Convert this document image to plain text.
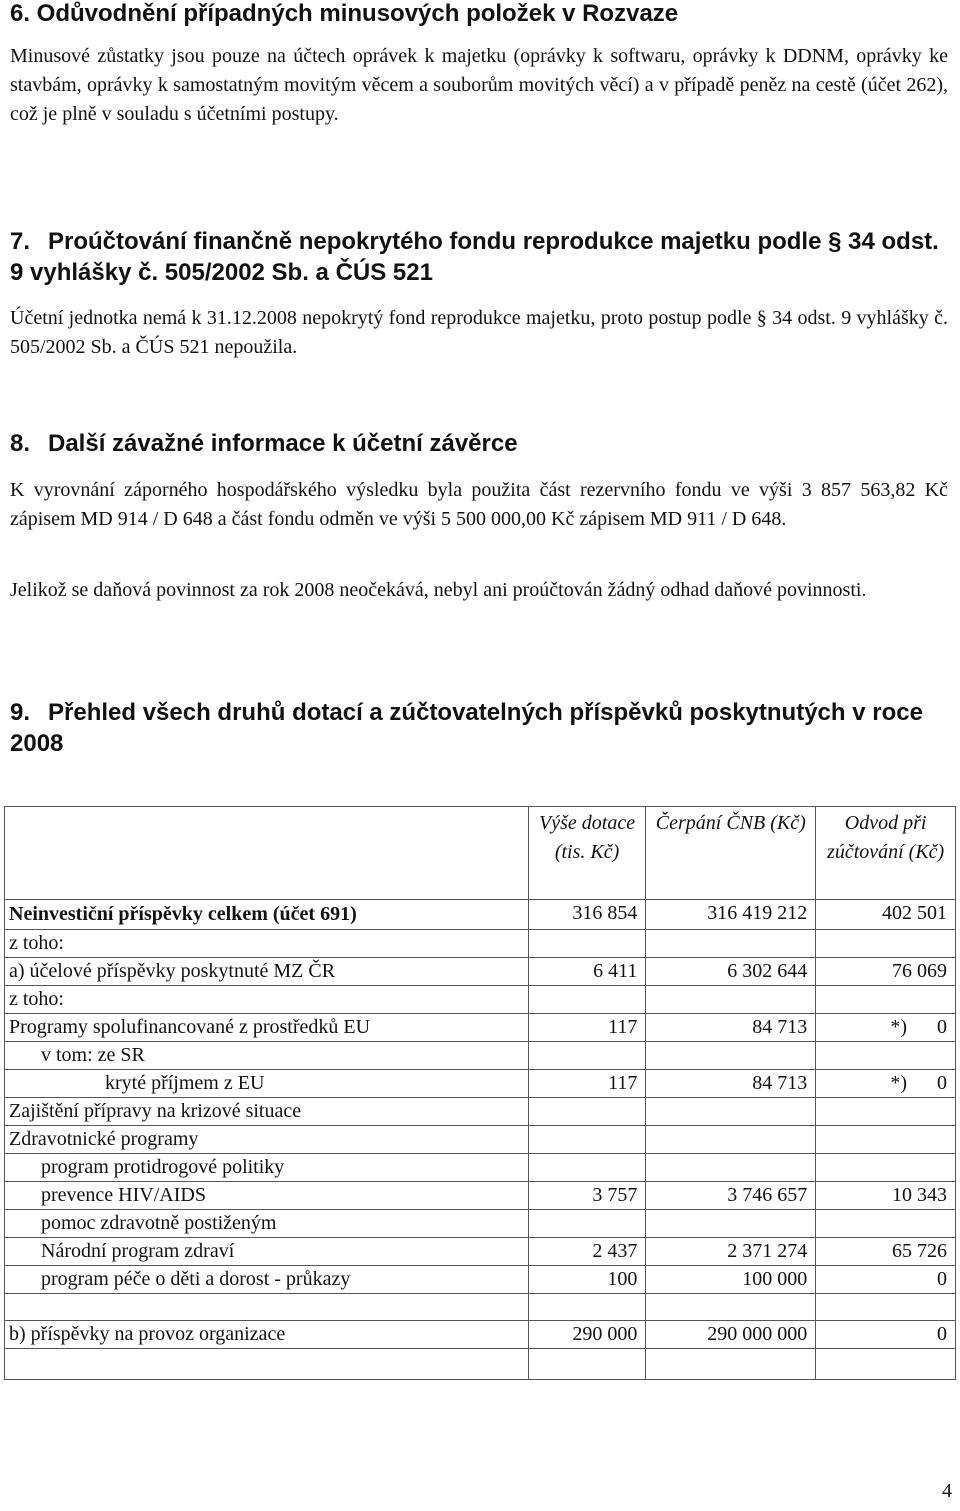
6. Odůvodnění případných minusových položek v Rozvaze

Minusové zůstatky jsou pouze na účtech oprávek k majetku (oprávky k softwaru, oprávky k DDNM, oprávky ke stavbám, oprávky k samostatným movitým věcem a souborům movitých věcí) a v případě peněz na cestě (účet 262), což je plně v souladu s účetními postupy.

7. Proúčtování finančně nepokrytého fondu reprodukce majetku podle § 34 odst. 9 vyhlášky č. 505/2002 Sb. a ČÚS 521

Účetní jednotka nemá k 31.12.2008 nepokrytý fond reprodukce majetku, proto postup podle § 34 odst. 9 vyhlášky č. 505/2002 Sb. a ČÚS 521 nepoužila.

8. Další závažné informace k účetní závěrce

K vyrovnání záporného hospodářského výsledku byla použita část rezervního fondu ve výši 3 857 563,82 Kč zápisem MD 914 / D 648 a část fondu odměn ve výši 5 500 000,00 Kč zápisem MD 911 / D 648.

Jelikož se daňová povinnost za rok 2008 neočekává, nebyl ani proúčtován žádný odhad daňové povinnosti.

9. Přehled všech druhů dotací a zúčtovatelných příspěvků poskytnutých v roce 2008
	Výše dotace (tis. Kč)	Čerpání ČNB (Kč)	Odvod při zúčtování (Kč)
Neinvestiční příspěvky celkem (účet 691)	316 854	316 419 212	402 501
z toho:			
a) účelové příspěvky poskytnuté MZ ČR	6 411	6 302 644	76 069
z toho:			
Programy spolufinancované z prostředků EU	117	84 713	*)      0
v tom: ze SR			
kryté příjmem z EU	117	84 713	*)      0
Zajištění přípravy na krizové situace			
Zdravotnické programy			
program protidrogové politiky			
prevence HIV/AIDS	3 757	3 746 657	10 343
pomoc zdravotně postiženým			
Národní program zdraví	2 437	2 371 274	65 726
program péče o děti a dorost - průkazy	100	100 000	0

b) příspěvky na provoz organizace	290 000	290 000 000	0

4
